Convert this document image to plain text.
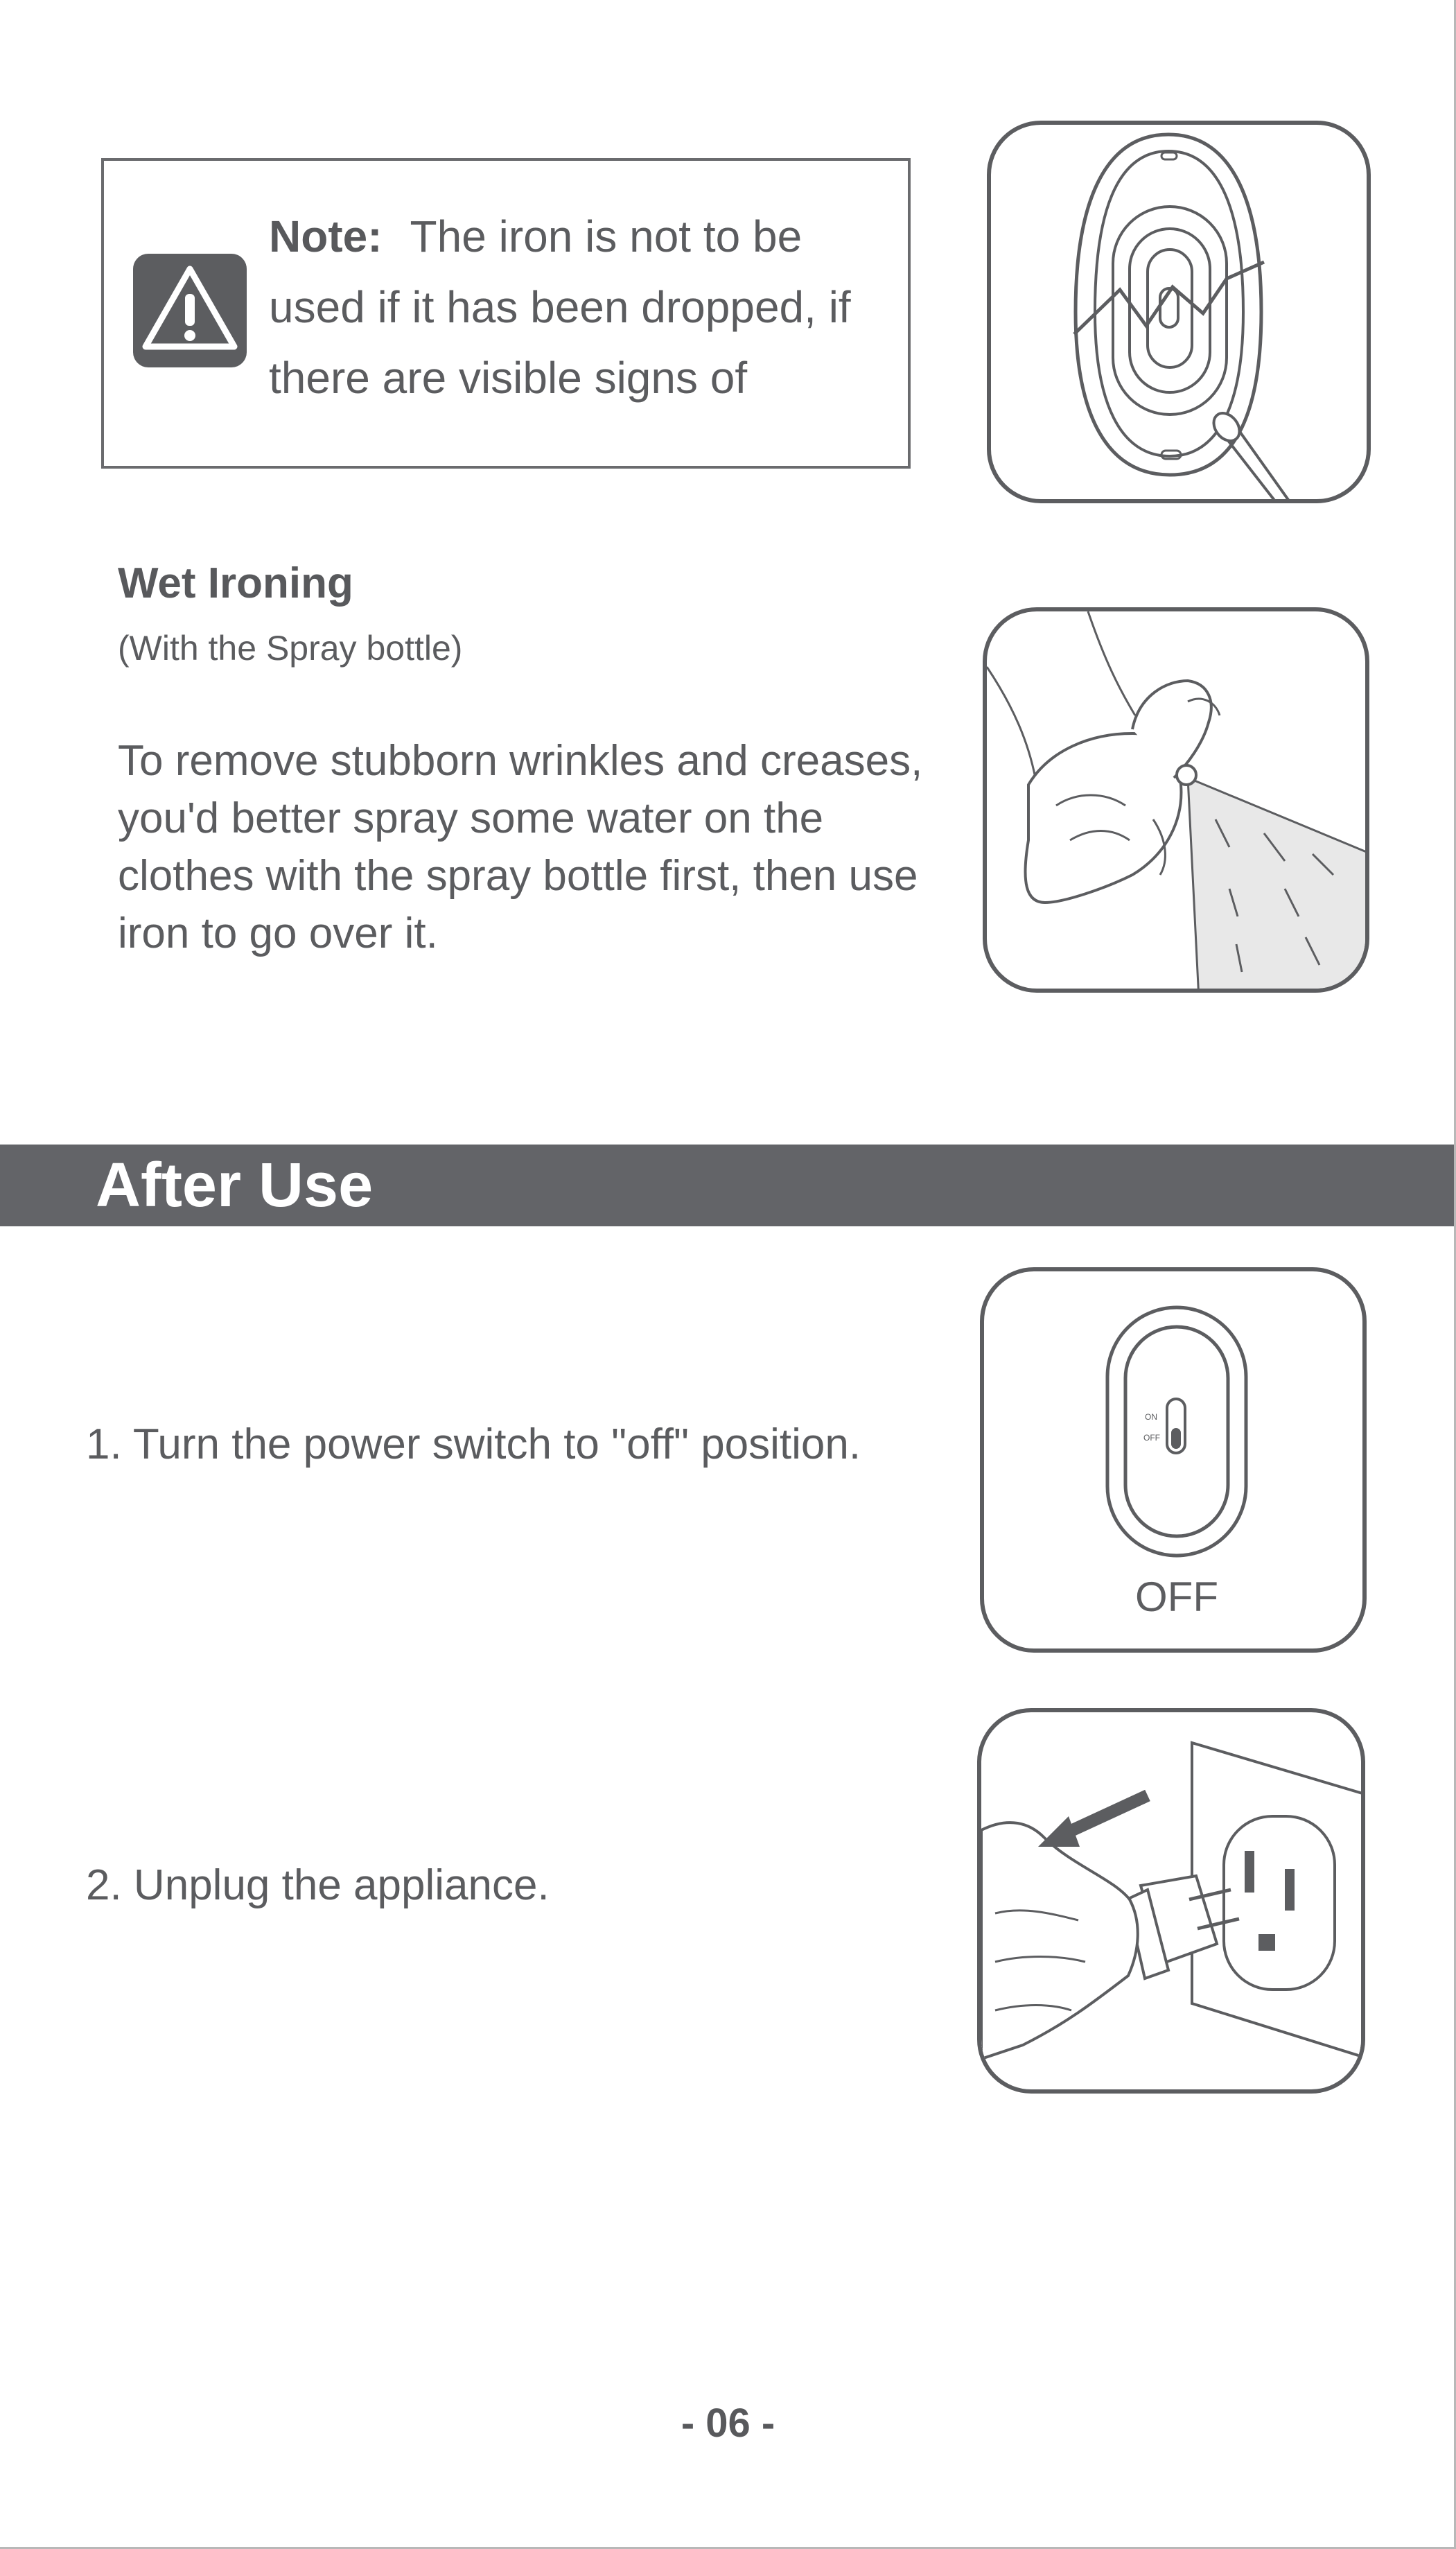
Note: The iron is not to be used if it has been dropped, if there are visible signs of
Wet Ironing
(With the Spray bottle)
To remove stubborn wrinkles and creases, you'd better spray some water on the clothes with the spray bottle first, then use iron to go over it.
After Use
1. Turn the power switch to "off" position.
ON
OFF
OFF
2. Unplug the appliance.
- 06 -
